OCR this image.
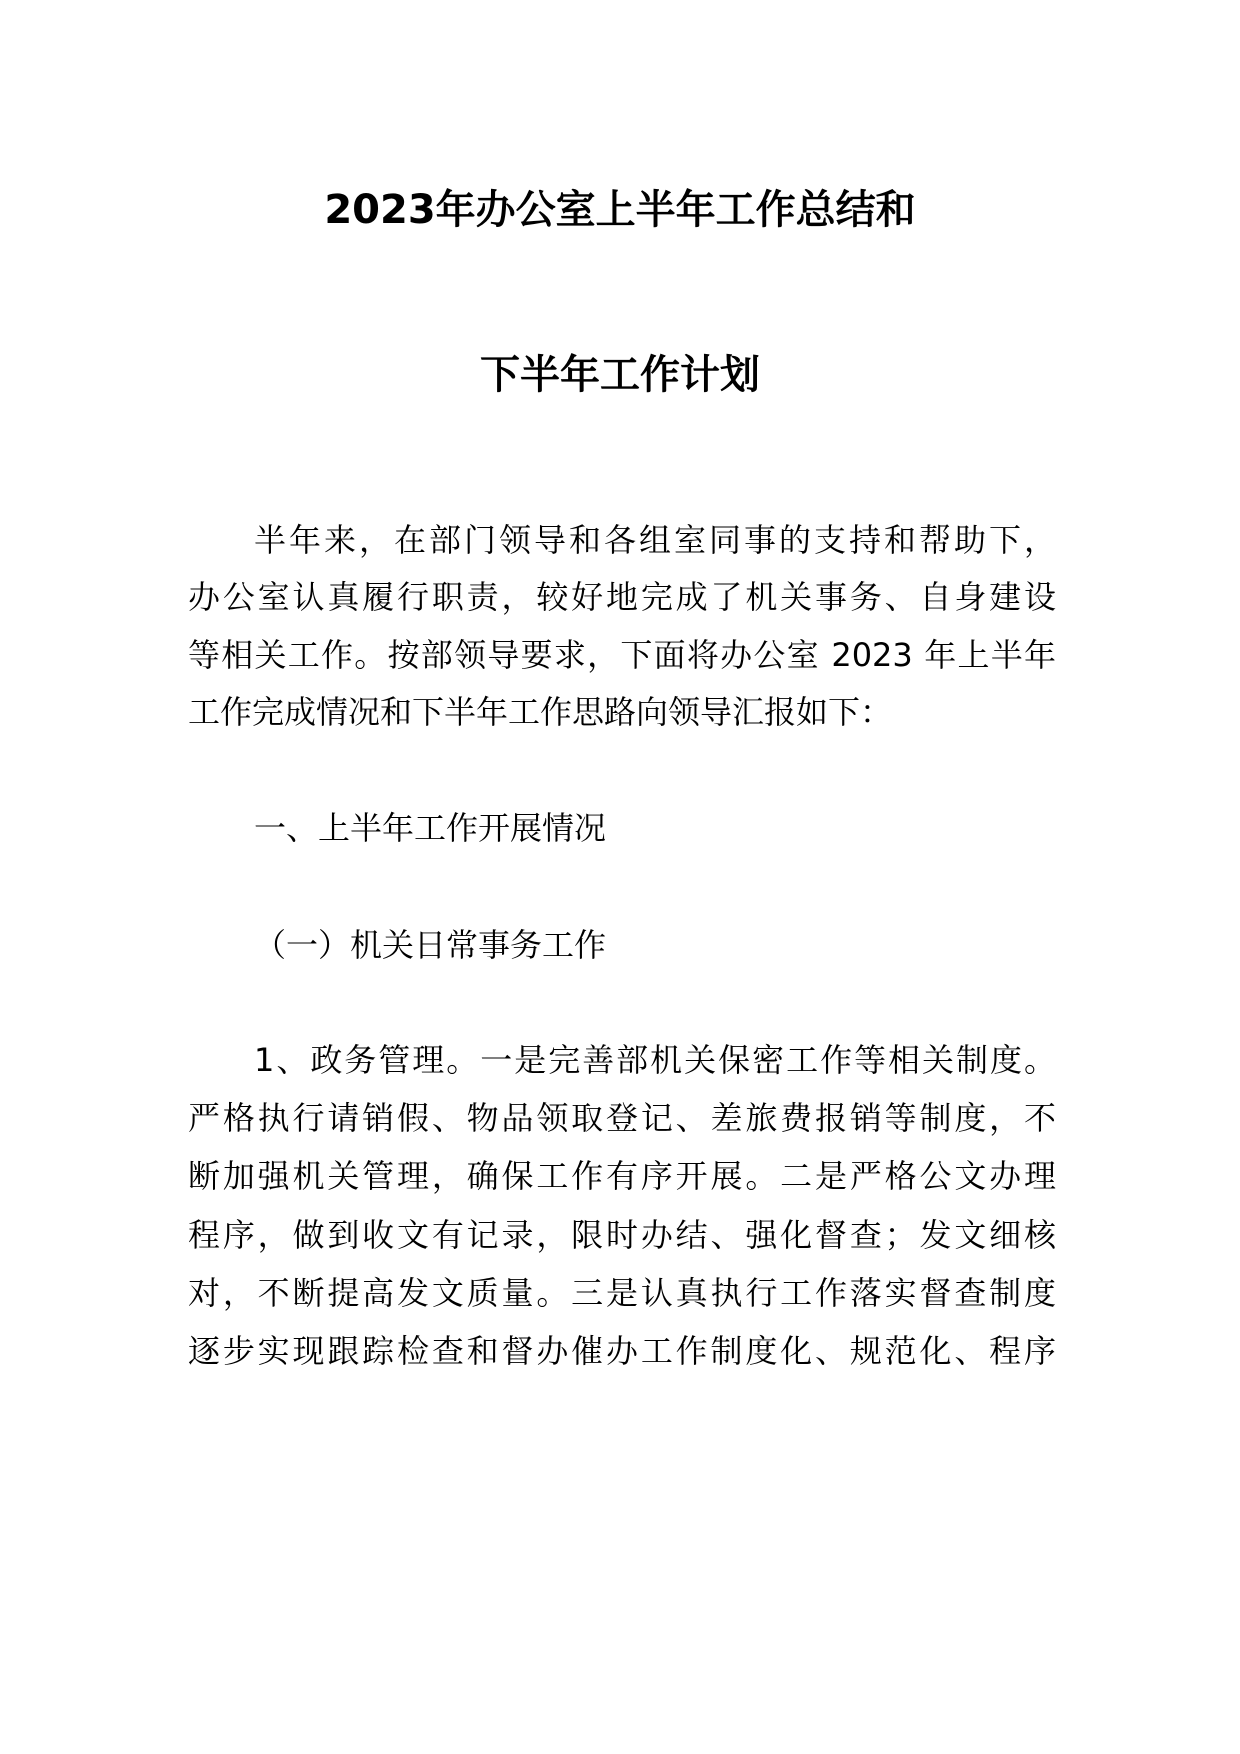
2023年办公室上半年工作总结和
下半年工作计划
半年来，在部门领导和各组室同事的支持和帮助下，
办公室认真履行职责，较好地完成了机关事务、自身建设
等相关工作。按部领导要求，下面将办公室 2023 年上半年
工作完成情况和下半年工作思路向领导汇报如下：
一、上半年工作开展情况
（一）机关日常事务工作
1、政务管理。一是完善部机关保密工作等相关制度。
严格执行请销假、物品领取登记、差旅费报销等制度，不
断加强机关管理，确保工作有序开展。二是严格公文办理
程序，做到收文有记录，限时办结、强化督查；发文细核
对，不断提高发文质量。三是认真执行工作落实督查制度
逐步实现跟踪检查和督办催办工作制度化、规范化、程序
